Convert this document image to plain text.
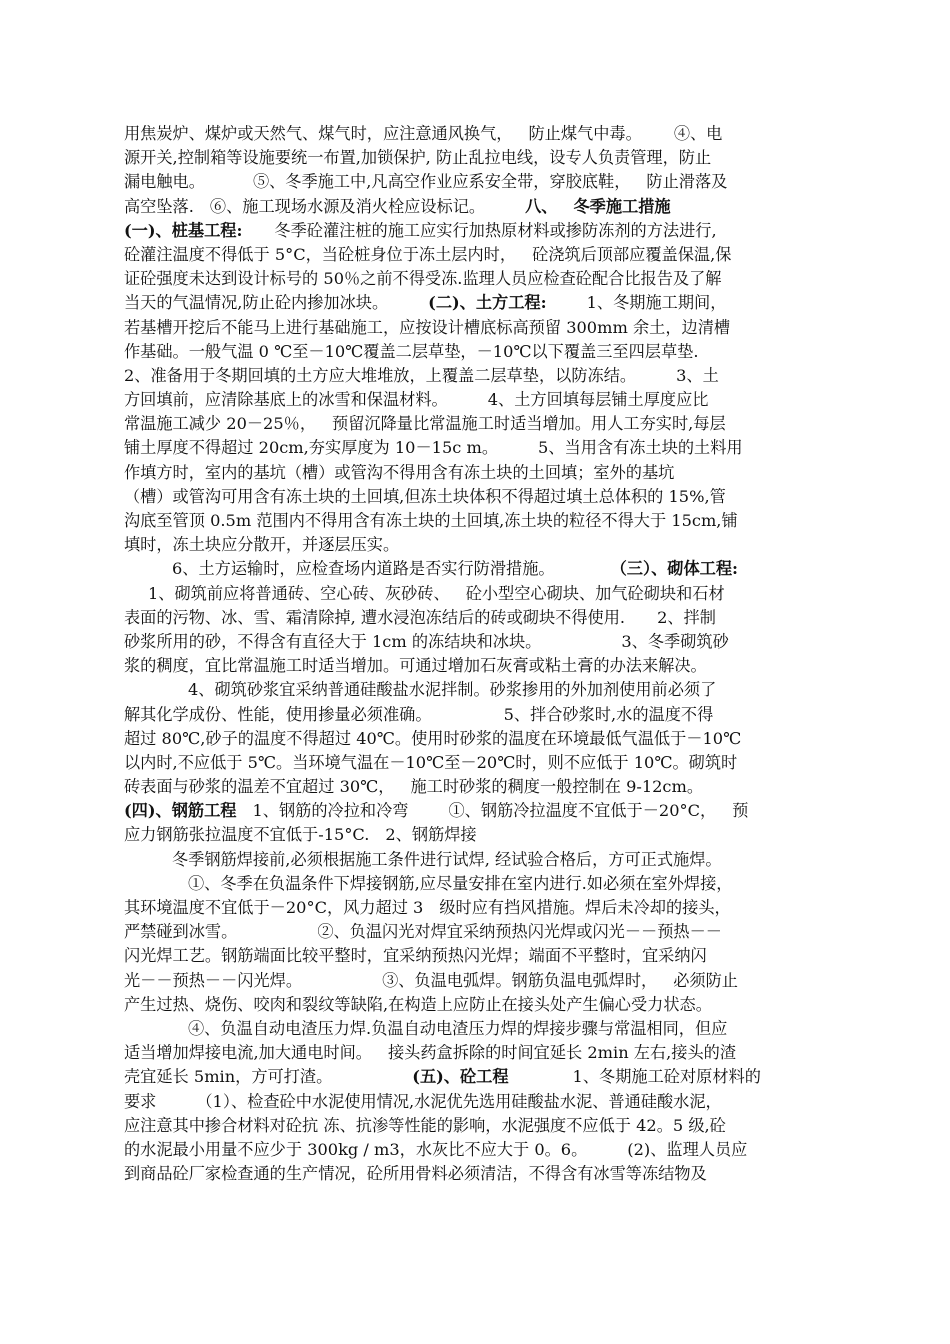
用焦炭炉、煤炉或天然气、煤气时，应注意通风换气， 防止煤气中毒。 ④、电
源开关,控制箱等设施要统一布置,加锁保护, 防止乱拉电线，设专人负责管理，防止
漏电触电。	⑤、冬季施工中,凡高空作业应系安全带，穿胶底鞋， 防止滑落及
高空坠落. ⑥、施工现场水源及消火栓应设标记。 八、 冬季施工措施
(一)、桩基工程: 冬季砼灌注桩的施工应实行加热原材料或掺防冻剂的方法进行,
砼灌注温度不得低于 5°C，当砼桩身位于冻土层内时， 砼浇筑后顶部应覆盖保温,保
证砼强度未达到设计标号的 50％之前不得受冻.监理人员应检查砼配合比报告及了解
当天的气温情况,防止砼内掺加冰块。 (二)、土方工程: 1、冬期施工期间，
若基槽开挖后不能马上进行基础施工，应按设计槽底标高预留 300mm 余土，边清槽
作基础。一般气温 0 ℃至－10℃覆盖二层草垫，－10℃以下覆盖三至四层草垫.
2、准备用于冬期回填的土方应大堆堆放，上覆盖二层草垫，以防冻结。 3、土
方回填前，应清除基底上的冰雪和保温材料。 4、土方回填每层铺土厚度应比
常温施工减少 20－25％， 预留沉降量比常温施工时适当增加。用人工夯实时,每层
铺土厚度不得超过 20cm,夯实厚度为 10－15c m。 5、当用含有冻土块的土料用
作填方时，室内的基坑（槽）或管沟不得用含有冻土块的土回填；室外的基坑
（槽）或管沟可用含有冻土块的土回填,但冻土块体积不得超过填土总体积的 15%,管
沟底至管顶 0.5m 范围内不得用含有冻土块的土回填,冻土块的粒径不得大于 15cm,铺
填时，冻土块应分散开，并逐层压实。
6、土方运输时，应检查场内道路是否实行防滑措施。	（三）、砌体工程:
1、砌筑前应将普通砖、空心砖、灰砂砖、 砼小型空心砌块、加气砼砌块和石材
表面的污物、冰、雪、霜清除掉, 遭水浸泡冻结后的砖或砌块不得使用. 2、拌制
砂浆所用的砂，不得含有直径大于 1cm 的冻结块和冰块。	3、冬季砌筑砂
浆的稠度，宜比常温施工时适当增加。可通过增加石灰膏或粘土膏的办法来解决。
4、砌筑砂浆宜采纳普通硅酸盐水泥拌制。砂浆掺用的外加剂使用前必须了
解其化学成份、性能，使用掺量必须准确。	5、拌合砂浆时,水的温度不得
超过 80℃,砂子的温度不得超过 40℃。使用时砂浆的温度在环境最低气温低于－10℃
以内时,不应低于 5℃。当环境气温在－10℃至－20℃时，则不应低于 10℃。砌筑时
砖表面与砂浆的温差不宜超过 30℃， 施工时砂浆的稠度一般控制在 9-12cm。
(四)、钢筋工程 1、钢筋的冷拉和冷弯 ①、钢筋冷拉温度不宜低于－20°C， 预
应力钢筋张拉温度不宜低于-15°C. 2、钢筋焊接
冬季钢筋焊接前,必须根据施工条件进行试焊, 经试验合格后，方可正式施焊。
①、冬季在负温条件下焊接钢筋,应尽量安排在室内进行.如必须在室外焊接，
其环境温度不宜低于－20°C，风力超过 3 级时应有挡风措施。焊后未冷却的接头，
严禁碰到冰雪。	②、负温闪光对焊宜采纳预热闪光焊或闪光－－预热－－
闪光焊工艺。钢筋端面比较平整时，宜采纳预热闪光焊；端面不平整时，宜采纳闪
光－－预热－－闪光焊。	③、负温电弧焊。钢筋负温电弧焊时， 必须防止
产生过热、烧伤、咬肉和裂纹等缺陷,在构造上应防止在接头处产生偏心受力状态。
④、负温自动电渣压力焊.负温自动电渣压力焊的焊接步骤与常温相同，但应
适当增加焊接电流,加大通电时间。 接头药盒拆除的时间宜延长 2min 左右,接头的渣
壳宜延长 5min，方可打渣。	(五)、砼工程	1、冬期施工砼对原材料的
要求 （1）、检查砼中水泥使用情况,水泥优先选用硅酸盐水泥、普通硅酸水泥，
应注意其中掺合材料对砼抗 冻、抗渗等性能的影响，水泥强度不应低于 42。5 级,砼
的水泥最小用量不应少于 300kg / m3，水灰比不应大于 0。6。 (2)、监理人员应
到商品砼厂家检查通的生产情况，砼所用骨料必须清洁，不得含有冰雪等冻结物及
